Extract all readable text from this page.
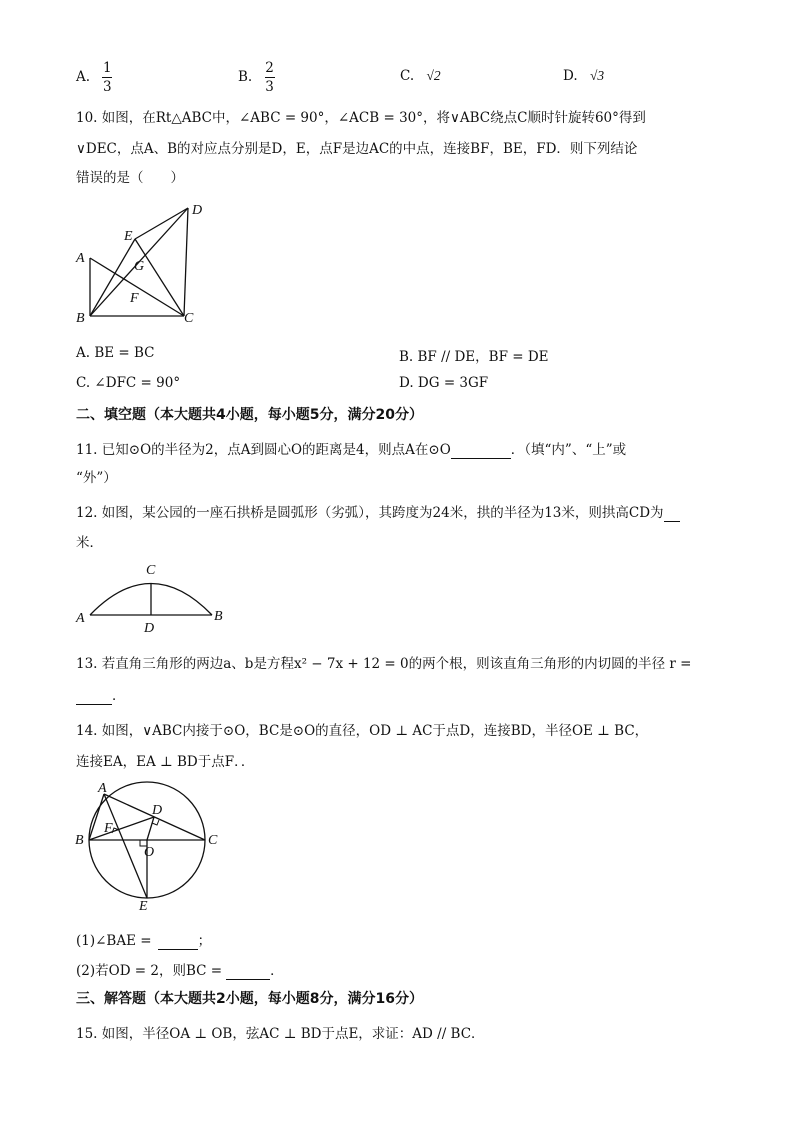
A. $\frac{1}{3}$	B. $\frac{2}{3}$	C. √2	D. √3
10. 如图，在Rt△ABC中，∠ABC = 90°，∠ACB = 30°，将∨ABC绕点C顺时针旋转60°得到
∨DEC，点A、B的对应点分别是D，E，点F是边AC的中点，连接BF，BE，FD．则下列结论
错误的是（　　）
A
B	C
D
E
F
G
A. BE = BC	B. BF // DE，BF = DE
C. ∠DFC = 90°	D. DG = 3GF
二、填空题（本大题共4小题，每小题5分，满分20分）
11. 已知⊙O的半径为2，点A到圆心O的距离是4，则点A在⊙O	．（填“内”、“上”或
“外”）
12. 如图，某公园的一座石拱桥是圆弧形（劣弧），其跨度为24米，拱的半径为13米，则拱高CD为
米．
C
A	B
D
13. 若直角三角形的两边a、b是方程x² − 7x + 12 = 0的两个根，则该直角三角形的内切圆的半径 r =
．
14. 如图，∨ABC内接于⊙O，BC是⊙O的直径，OD ⊥ AC于点D，连接BD，半径OE ⊥ BC，
连接EA，EA ⊥ BD于点F．．
A
B	C
D
E
F
O
(1)∠BAE =	；
(2)若OD = 2，则BC =	．
三、解答题（本大题共2小题，每小题8分，满分16分）
15. 如图，半径OA ⊥ OB，弦AC ⊥ BD于点E，求证：AD // BC．
